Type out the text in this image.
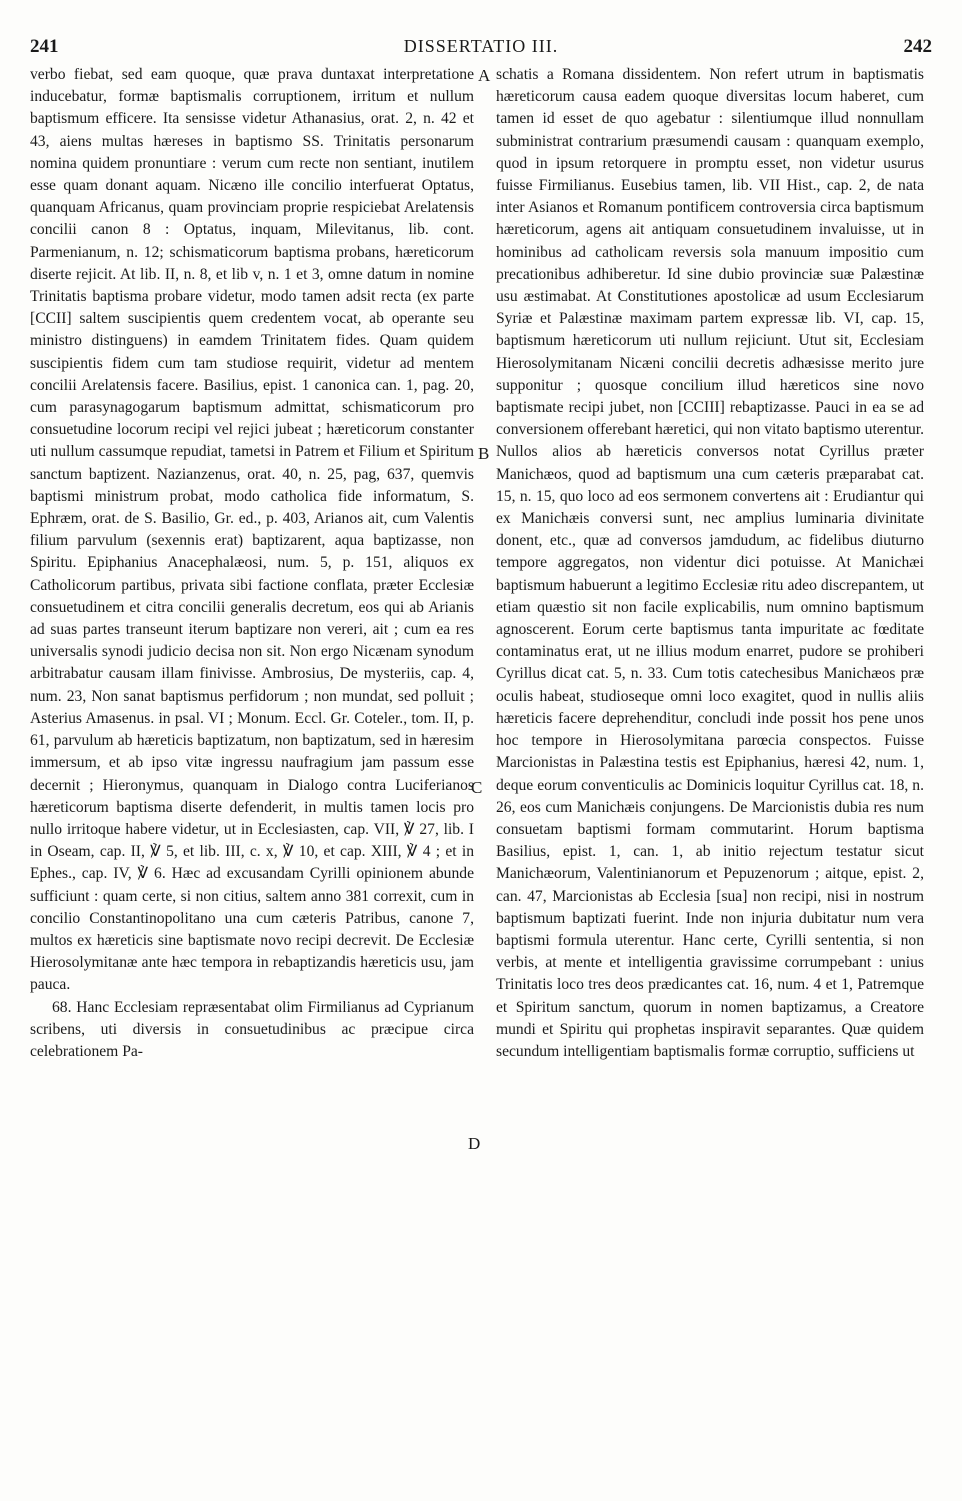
241	DISSERTATIO III.	242

verbo fiebat, sed eam quoque, quæ prava duntaxat interpretatione inducebatur, formæ baptismalis corruptionem, irritum et nullum baptismum efficere. Ita sensisse videtur Athanasius, orat. 2, n. 42 et 43, aiens multas hæreses in baptismo SS. Trinitatis personarum nomina quidem pronuntiare : verum cum recte non sentiant, inutilem esse quam donant aquam. Nicæno ille concilio interfuerat Optatus, quanquam Africanus, quam provinciam proprie respiciebat Arelatensis concilii canon 8 : Optatus, inquam, Milevitanus, lib. cont. Parmenianum, n. 12; schismaticorum baptisma probans, hæreticorum diserte rejicit. At lib. II, n. 8, et lib v, n. 1 et 3, omne datum in nomine Trinitatis baptisma probare videtur, modo tamen adsit recta (ex parte [CCII] saltem suscipientis quem credentem vocat, ab operante seu ministro distinguens) in eamdem Trinitatem fides. Quam quidem suscipientis fidem cum tam studiose requirit, videtur ad mentem concilii Arelatensis facere. Basilius, epist. 1 canonica can. 1, pag. 20, cum parasynagogarum baptismum admittat, schismaticorum pro consuetudine locorum recipi vel rejici jubeat ; hæreticorum constanter uti nullum cassumque repudiat, tametsi in Patrem et Filium et Spiritum sanctum baptizent. Nazianzenus, orat. 40, n. 25, pag, 637, quemvis baptismi ministrum probat, modo catholica fide informatum, S. Ephræm, orat. de S. Basilio, Gr. ed., p. 403, Arianos ait, cum Valentis filium parvulum (sexennis erat) baptizarent, aqua baptizasse, non Spiritu. Epiphanius Anacephalæosi, num. 5, p. 151, aliquos ex Catholicorum partibus, privata sibi factione conflata, præter Ecclesiæ consuetudinem et citra concilii generalis decretum, eos qui ab Arianis ad suas partes transeunt iterum baptizare non vereri, ait ; cum ea res universalis synodi judicio decisa non sit. Non ergo Nicænam synodum arbitrabatur causam illam finivisse. Ambrosius, De mysteriis, cap. 4, num. 23, Non sanat baptismus perfidorum ; non mundat, sed polluit ; Asterius Amasenus. in psal. VI ; Monum. Eccl. Gr. Coteler., tom. II, p. 61, parvulum ab hæreticis baptizatum, non baptizatum, sed in hæresim immersum, et ab ipso vitæ ingressu naufragium jam passum esse decernit ; Hieronymus, quanquam in Dialogo contra Luciferianos hæreticorum baptisma diserte defenderit, in multis tamen locis pro nullo irritoque habere videtur, ut in Ecclesiasten, cap. VII, ℣ 27, lib. I in Oseam, cap. II, ℣ 5, et lib. III, c. x, ℣ 10, et cap. XIII, ℣ 4 ; et in Ephes., cap. IV, ℣ 6. Hæc ad excusandam Cyrilli opinionem abunde sufficiunt : quam certe, si non citius, saltem anno 381 correxit, cum in concilio Constantinopolitano una cum cæteris Patribus, canone 7, multos ex hæreticis sine baptismate novo recipi decrevit. De Ecclesiæ Hierosolymitanæ ante hæc tempora in rebaptizandis hæreticis usu, jam pauca.

68. Hanc Ecclesiam repræsentabat olim Firmilianus ad Cyprianum scribens, uti diversis in consuetudinibus ac præcipue circa celebrationem Pa-

schatis a Romana dissidentem. Non refert utrum in baptismatis hæreticorum causa eadem quoque diversitas locum haberet, cum tamen id esset de quo agebatur : silentiumque illud nonnullam subministrat contrarium præsumendi causam : quanquam exemplo, quod in ipsum retorquere in promptu esset, non videtur usurus fuisse Firmilianus. Eusebius tamen, lib. VII Hist., cap. 2, de nata inter Asianos et Romanum pontificem controversia circa baptismum hæreticorum, agens ait antiquam consuetudinem invaluisse, ut in hominibus ad catholicam reversis sola manuum impositio cum precationibus adhiberetur. Id sine dubio provinciæ suæ Palæstinæ usu æstimabat. At Constitutiones apostolicæ ad usum Ecclesiarum Syriæ et Palæstinæ maximam partem expressæ lib. VI, cap. 15, baptismum hæreticorum uti nullum rejiciunt. Utut sit, Ecclesiam Hierosolymitanam Nicæni concilii decretis adhæsisse merito jure supponitur ; quosque concilium illud hæreticos sine novo baptismate recipi jubet, non [CCIII] rebaptizasse. Pauci in ea se ad conversionem offerebant hæretici, qui non vitato baptismo uterentur. Nullos alios ab hæreticis conversos notat Cyrillus præter Manichæos, quod ad baptismum una cum cæteris præparabat cat. 15, n. 15, quo loco ad eos sermonem convertens ait : Erudiantur qui ex Manichæis conversi sunt, nec amplius luminaria divinitate donent, etc., quæ ad conversos jamdudum, ac fidelibus diuturno tempore aggregatos, non videntur dici potuisse. At Manichæi baptismum habuerunt a legitimo Ecclesiæ ritu adeo discrepantem, ut etiam quæstio sit non facile explicabilis, num omnino baptismum agnoscerent. Eorum certe baptismus tanta impuritate ac fœditate contaminatus erat, ut ne illius modum enarret, pudore se prohiberi Cyrillus dicat cat. 5, n. 33. Cum totis catechesibus Manichæos præ oculis habeat, studioseque omni loco exagitet, quod in nullis aliis hæreticis facere deprehenditur, concludi inde possit hos pene unos hoc tempore in Hierosolymitana parœcia conspectos. Fuisse Marcionistas in Palæstina testis est Epiphanius, hæresi 42, num. 1, deque eorum conventiculis ac Dominicis loquitur Cyrillus cat. 18, n. 26, eos cum Manichæis conjungens. De Marcionistis dubia res num consuetam baptismi formam commutarint. Horum baptisma Basilius, epist. 1, can. 1, ab initio rejectum testatur sicut Manichæorum, Valentinianorum et Pepuzenorum ; aitque, epist. 2, can. 47, Marcionistas ab Ecclesia [sua] non recipi, nisi in nostrum baptismum baptizati fuerint. Inde non injuria dubitatur num vera baptismi formula uterentur. Hanc certe, Cyrilli sententia, si non verbis, at mente et intelligentia gravissime corrumpebant : unius Trinitatis loco tres deos prædicantes cat. 16, num. 4 et 1, Patremque et Spiritum sanctum, quorum in nomen baptizamus, a Creatore mundi et Spiritu qui prophetas inspiravit separantes. Quæ quidem secundum intelligentiam baptismalis formæ corruptio, sufficiens ut

A
B
C
D
